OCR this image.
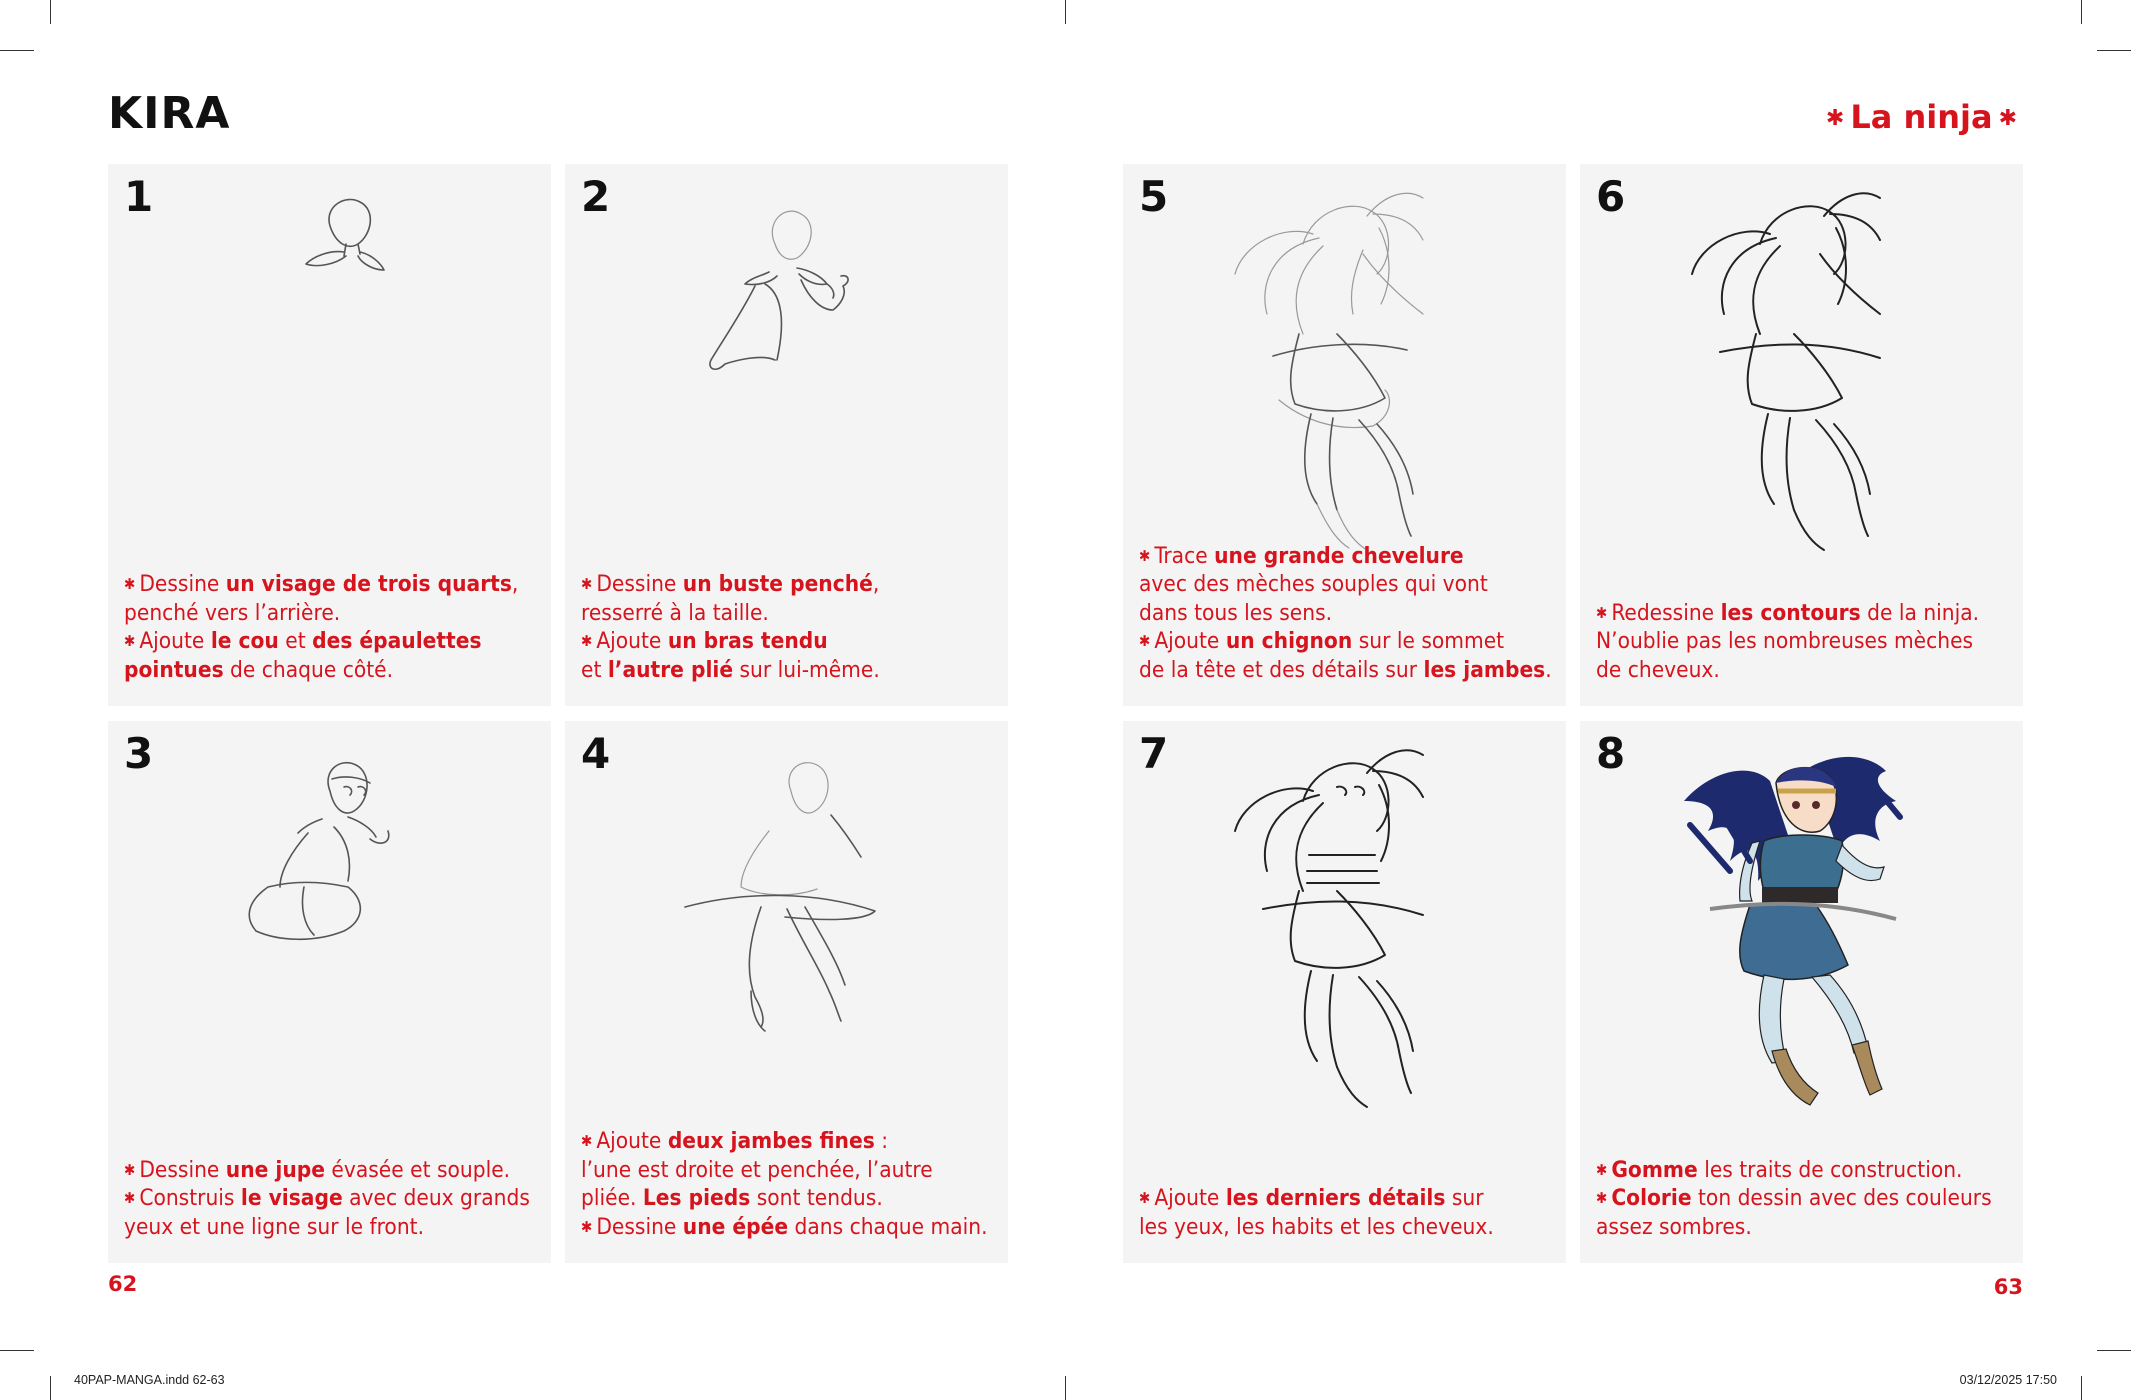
KIRA	✱ La ninja ✱
1
✱ Dessine un visage de trois quarts,
penché vers l’arrière.
✱ Ajoute le cou et des épaulettes
pointues de chaque côté.
2
✱ Dessine un buste penché,
resserré à la taille.
✱ Ajoute un bras tendu
et l’autre plié sur lui-même.
5
✱ Trace une grande chevelure
avec des mèches souples qui vont
dans tous les sens.
✱ Ajoute un chignon sur le sommet
de la tête et des détails sur les jambes.
6
✱ Redessine les contours de la ninja.
N’oublie pas les nombreuses mèches
de cheveux.
3
✱ Dessine une jupe évasée et souple.
✱ Construis le visage avec deux grands
yeux et une ligne sur le front.
4
✱ Ajoute deux jambes fines :
l’une est droite et penchée, l’autre
pliée. Les pieds sont tendus.
✱ Dessine une épée dans chaque main.
7
✱ Ajoute les derniers détails sur
les yeux, les habits et les cheveux.
8
✱ Gomme les traits de construction.
✱ Colorie ton dessin avec des couleurs
assez sombres.
62	63
40PAP-MANGA.indd 62-63	03/12/2025 17:50
